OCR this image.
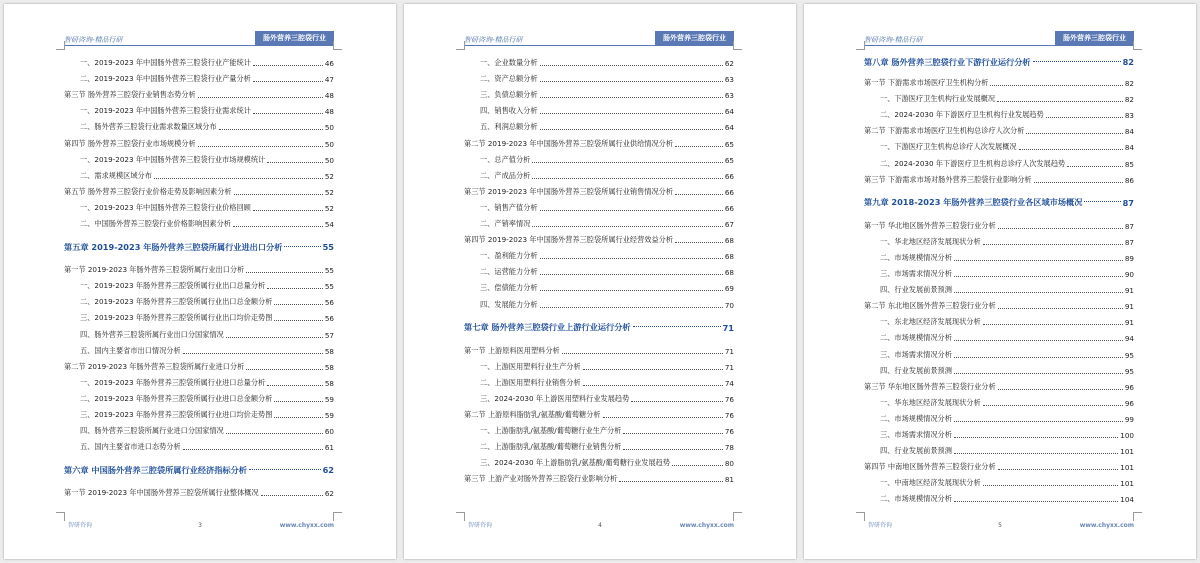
智研咨询-精品行研	肠外营养三腔袋行业
一、2019-2023 年中国肠外营养三腔袋行业产能统计	46
二、2019-2023 年中国肠外营养三腔袋行业产量分析	47
第三节 肠外营养三腔袋行业销售态势分析	48
一、2019-2023 年中国肠外营养三腔袋行业需求统计	48
二、肠外营养三腔袋行业需求数量区域分布	50
第四节 肠外营养三腔袋行业市场规模分析	50
一、2019-2023 年中国肠外营养三腔袋行业市场规模统计	50
二、需求规模区域分布	52
第五节 肠外营养三腔袋行业价格走势及影响因素分析	52
一、2019-2023 年中国肠外营养三腔袋行业价格回顾	52
二、中国肠外营养三腔袋行业价格影响因素分析	54
第五章 2019-2023 年肠外营养三腔袋所属行业进出口分析	55
第一节 2019-2023 年肠外营养三腔袋所属行业出口分析	55
一、2019-2023 年肠外营养三腔袋所属行业出口总量分析	55
二、2019-2023 年肠外营养三腔袋所属行业出口总金额分析	56
三、2019-2023 年肠外营养三腔袋所属行业出口均价走势图	56
四、肠外营养三腔袋所属行业出口分国家情况	57
五、国内主要省市出口情况分析	58
第二节 2019-2023 年肠外营养三腔袋所属行业进口分析	58
一、2019-2023 年肠外营养三腔袋所属行业进口总量分析	58
二、2019-2023 年肠外营养三腔袋所属行业进口总金额分析	59
三、2019-2023 年肠外营养三腔袋所属行业进口均价走势图	59
四、肠外营养三腔袋所属行业进口分国家情况	60
五、国内主要省市进口态势分析	61
第六章 中国肠外营养三腔袋所属行业经济指标分析	62
第一节 2019-2023 年中国肠外营养三腔袋所属行业整体概况	62
智研咨询	3	www.chyxx.com
智研咨询-精品行研	肠外营养三腔袋行业
一、企业数量分析	62
二、资产总额分析	63
三、负债总额分析	63
四、销售收入分析	64
五、利润总额分析	64
第二节 2019-2023 年中国肠外营养三腔袋所属行业供给情况分析	65
一、总产值分析	65
二、产成品分析	66
第三节 2019-2023 年中国肠外营养三腔袋所属行业销售情况分析	66
一、销售产值分析	66
二、产销率情况	67
第四节 2019-2023 年中国肠外营养三腔袋所属行业经营效益分析	68
一、盈利能力分析	68
二、运营能力分析	68
三、偿债能力分析	69
四、发展能力分析	70
第七章 肠外营养三腔袋行业上游行业运行分析	71
第一节 上游原料医用塑料分析	71
一、上游医用塑料行业生产分析	71
二、上游医用塑料行业销售分析	74
三、2024-2030 年上游医用塑料行业发展趋势	76
第二节 上游原料脂肪乳/氨基酸/葡萄糖分析	76
一、上游脂肪乳/氨基酸/葡萄糖行业生产分析	76
二、上游脂肪乳/氨基酸/葡萄糖行业销售分析	78
三、2024-2030 年上游脂肪乳/氨基酸/葡萄糖行业发展趋势	80
第三节 上游产业对肠外营养三腔袋行业影响分析	81
智研咨询	4	www.chyxx.com
智研咨询-精品行研	肠外营养三腔袋行业
第八章 肠外营养三腔袋行业下游行业运行分析	82
第一节 下游需求市场医疗卫生机构分析	82
一、下游医疗卫生机构行业发展概况	82
二、2024-2030 年下游医疗卫生机构行业发展趋势	83
第二节 下游需求市场医疗卫生机构总诊疗人次分析	84
一、下游医疗卫生机构总诊疗人次发展概况	84
二、2024-2030 年下游医疗卫生机构总诊疗人次发展趋势	85
第三节 下游需求市场对肠外营养三腔袋行业影响分析	86
第九章 2018-2023 年肠外营养三腔袋行业各区域市场概况	87
第一节 华北地区肠外营养三腔袋行业分析	87
一、华北地区经济发展现状分析	87
二、市场规模情况分析	89
三、市场需求情况分析	90
四、行业发展前景预测	91
第二节 东北地区肠外营养三腔袋行业分析	91
一、东北地区经济发展现状分析	91
二、市场规模情况分析	94
三、市场需求情况分析	95
四、行业发展前景预测	95
第三节 华东地区肠外营养三腔袋行业分析	96
一、华东地区经济发展现状分析	96
二、市场规模情况分析	99
三、市场需求情况分析	100
四、行业发展前景预测	101
第四节 中南地区肠外营养三腔袋行业分析	101
一、中南地区经济发展现状分析	101
二、市场规模情况分析	104
智研咨询	5	www.chyxx.com
